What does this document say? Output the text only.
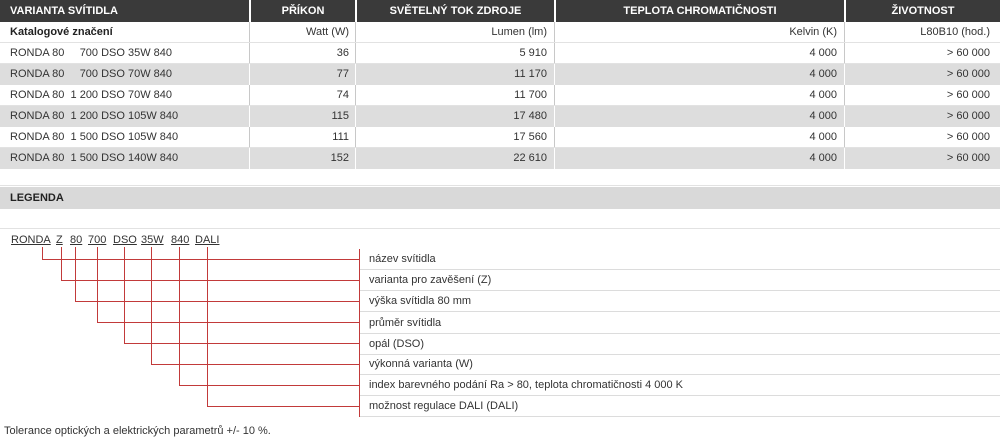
VARIANTA SVÍTIDLA	PŘÍKON	SVĚTELNÝ TOK ZDROJE	TEPLOTA CHROMATIČNOSTI	ŽIVOTNOST
Katalogové značení	Watt (W)	Lumen (lm)	Kelvin (K)	L80B10 (hod.)
RONDA 80     700 DSO 35W 840	36	5 910	4 000	> 60 000
RONDA 80     700 DSO 70W 840	77	11 170	4 000	> 60 000
RONDA 80  1 200 DSO 70W 840	74	11 700	4 000	> 60 000
RONDA 80  1 200 DSO 105W 840	115	17 480	4 000	> 60 000
RONDA 80  1 500 DSO 105W 840	111	17 560	4 000	> 60 000
RONDA 80  1 500 DSO 140W 840	152	22 610	4 000	> 60 000
LEGENDA
RONDA Z 80 700 DSO 35W 840 DALI
název svítidla
varianta pro zavěšení (Z)
výška svítidla 80 mm
průměr svítidla
opál (DSO)
výkonná varianta (W)
index barevného podání Ra > 80, teplota chromatičnosti 4 000 K
možnost regulace DALI (DALI)
Tolerance optických a elektrických parametrů +/- 10 %.
